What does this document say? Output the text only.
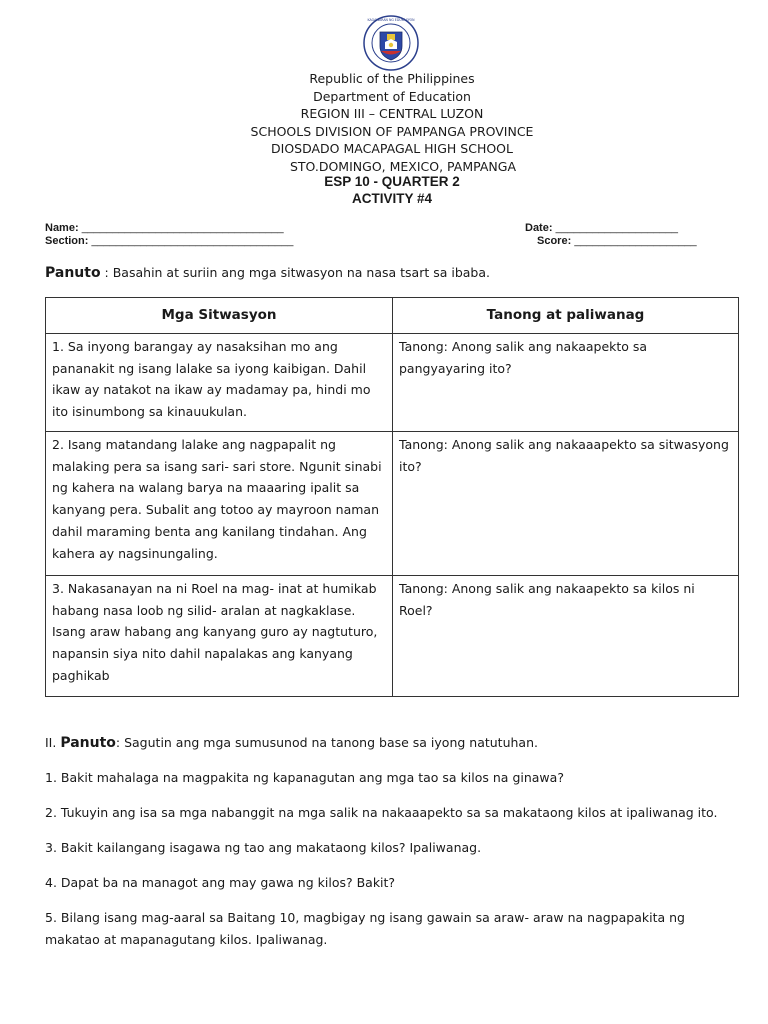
KAGAWARAN NG EDUKASYON
Republic of the Philippines
Department of Education
REGION III – CENTRAL LUZON
SCHOOLS DIVISION OF PAMPANGA PROVINCE
DIOSDADO MACAPAGAL HIGH SCHOOL
STO.DOMINGO, MEXICO, PAMPANGA
ESP 10 - QUARTER 2
ACTIVITY #4
Name: _________________________________	Date: ____________________
Section: _________________________________	Score: ____________________
Panuto : Basahin at suriin ang mga sitwasyon na nasa tsart sa ibaba.
Mga Sitwasyon	Tanong at paliwanag
1. Sa inyong barangay ay nasaksihan mo ang pananakit ng isang lalake sa iyong kaibigan. Dahil ikaw ay natakot na ikaw ay madamay pa, hindi mo ito isinumbong sa kinauukulan.	Tanong: Anong salik ang nakaapekto sa pangyayaring ito?
2. Isang matandang lalake ang nagpapalit ng malaking pera sa isang sari- sari store. Ngunit sinabi ng kahera na walang barya na maaaring ipalit sa kanyang pera. Subalit ang totoo ay mayroon naman dahil maraming benta ang kanilang tindahan. Ang kahera ay nagsinungaling.	Tanong: Anong salik ang nakaaapekto sa sitwasyong ito?
3. Nakasanayan na ni Roel na mag- inat at humikab habang nasa loob ng silid- aralan at nagkaklase. Isang araw habang ang kanyang guro ay nagtuturo, napansin siya nito dahil napalakas ang kanyang paghikab	Tanong: Anong salik ang nakaapekto sa kilos ni Roel?

II. Panuto: Sagutin ang mga sumusunod na tanong base sa iyong natutuhan.

1. Bakit mahalaga na magpakita ng kapanagutan ang mga tao sa kilos na ginawa?

2. Tukuyin ang isa sa mga nabanggit na mga salik na nakaaapekto sa sa makataong kilos at ipaliwanag ito.

3. Bakit kailangang isagawa ng tao ang makataong kilos? Ipaliwanag.

4. Dapat ba na managot ang may gawa ng kilos? Bakit?

5. Bilang isang mag-aaral sa Baitang 10, magbigay ng isang gawain sa araw- araw na nagpapakita ng makatao at mapanagutang kilos. Ipaliwanag.
